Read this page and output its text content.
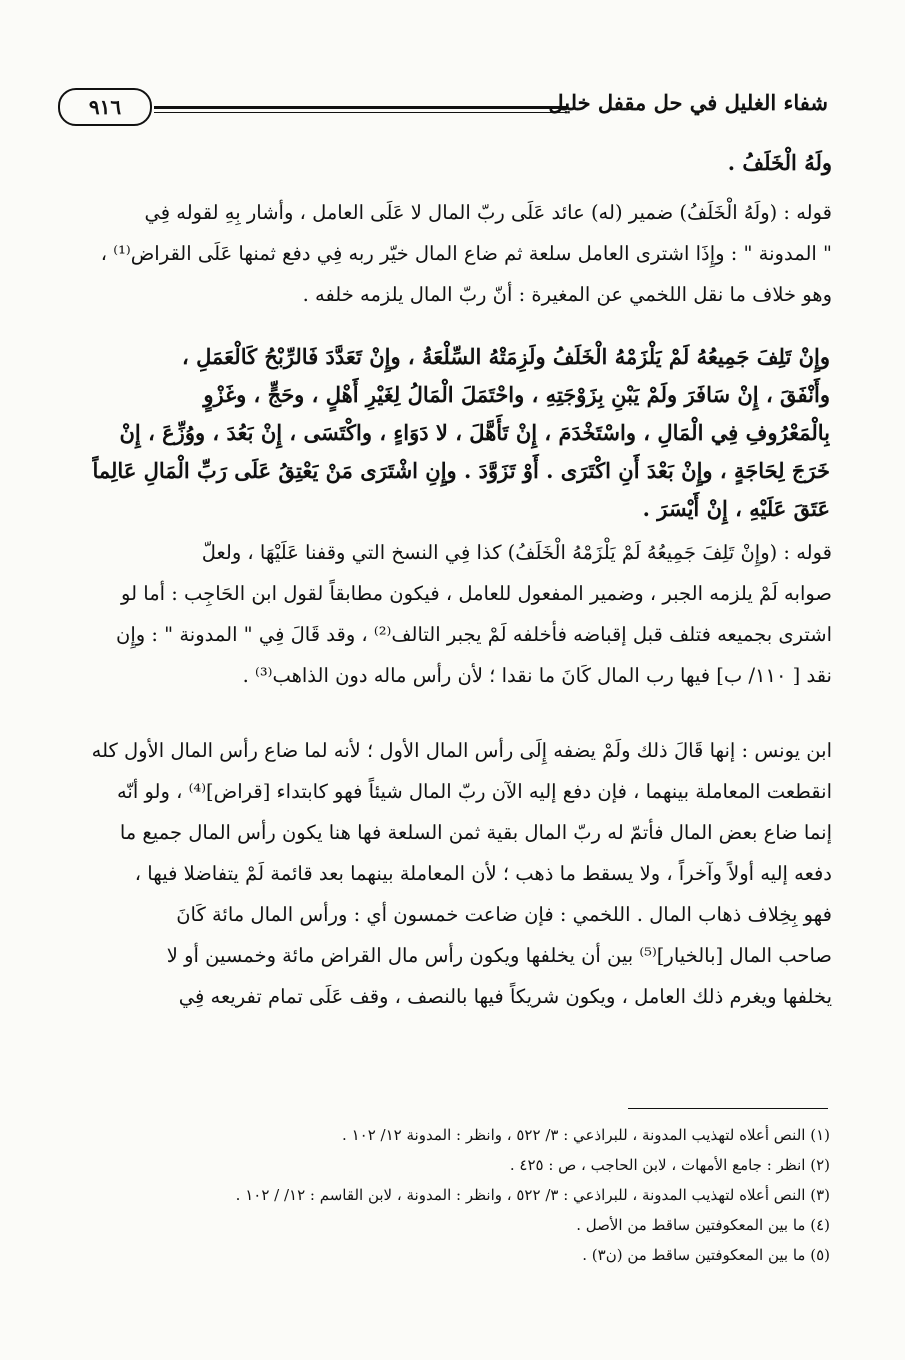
٩١٦	شفاء الغليل في حل مقفل خليل
ولَهُ الْخَلَفُ .
قوله : (ولَهُ الْخَلَفُ) ضمير (له) عائد عَلَى ربّ المال لا عَلَى العامل ، وأشار بِهِ لقوله فِي
" المدونة " : وإِذَا اشترى العامل سلعة ثم ضاع المال خيّر ربه فِي دفع ثمنها عَلَى القراض⁽¹⁾ ،
وهو خلاف ما نقل اللخمي عن المغيرة : أنّ ربّ المال يلزمه خلفه .
وإِنْ تَلِفَ جَمِيعُهُ لَمْ يَلْزَمْهُ الْخَلَفُ ولَزِمَتْهُ السِّلْعَةُ ، وإِنْ تَعَدَّدَ فَالرِّبْحُ كَالْعَمَلِ ،
وأَنْفَقَ ، إِنْ سَافَرَ ولَمْ يَبْنِ بِزَوْجَتِهِ ، واحْتَمَلَ الْمَالُ لِغَيْرِ أَهْلٍ ، وحَجٍّ ، وغَزْوٍ
بِالْمَعْرُوفِ فِي الْمَالِ ، واسْتَخْدَمَ ، إِنْ تَأَهَّلَ ، لا دَوَاءٍ ، واكْتَسَى ، إِنْ بَعُدَ ، ووُزِّعَ ، إِنْ
خَرَجَ لِحَاجَةٍ ، وإِنْ بَعْدَ أَنِ اكْتَرَى . أَوْ تَزَوَّدَ . وإِنِ اشْتَرَى مَنْ يَعْتِقُ عَلَى رَبِّ الْمَالِ عَالِماً
عَتَقَ عَلَيْهِ ، إِنْ أَيْسَرَ .
قوله : (وإِنْ تَلِفَ جَمِيعُهُ لَمْ يَلْزَمْهُ الْخَلَفُ) كذا فِي النسخ التي وقفنا عَلَيْهَا ، ولعلّ
صوابه لَمْ يلزمه الجبر ، وضمير المفعول للعامل ، فيكون مطابقاً لقول ابن الحَاجِب : أما لو
اشترى بجميعه فتلف قبل إقباضه فأخلفه لَمْ يجبر التالف⁽²⁾ ، وقد قَالَ فِي " المدونة " : وإِن
نقد [ ١١٠/ ب] فيها رب المال كَانَ ما نقدا ؛ لأن رأس ماله دون الذاهب⁽³⁾ .
ابن يونس : إنها قَالَ ذلك ولَمْ يضفه إِلَى رأس المال الأول ؛ لأنه لما ضاع رأس المال الأول كله
انقطعت المعاملة بينهما ، فإن دفع إليه الآن ربّ المال شيئاً فهو كابتداء [قراض]⁽⁴⁾ ، ولو أنّه
إنما ضاع بعض المال فأتمّ له ربّ المال بقية ثمن السلعة فها هنا يكون رأس المال جميع ما
دفعه إليه أولاً وآخراً ، ولا يسقط ما ذهب ؛ لأن المعاملة بينهما بعد قائمة لَمْ يتفاضلا فيها ،
فهو بِخِلاف ذهاب المال . اللخمي : فإن ضاعت خمسون أي : ورأس المال مائة كَانَ
صاحب المال [بالخيار]⁽⁵⁾ بين أن يخلفها ويكون رأس مال القراض مائة وخمسين أو لا
يخلفها ويغرم ذلك العامل ، ويكون شريكاً فيها بالنصف ، وقف عَلَى تمام تفريعه فِي
(١) النص أعلاه لتهذيب المدونة ، للبراذعي : ٣/ ٥٢٢ ، وانظر : المدونة ١٢/ ١٠٢ .
(٢) انظر : جامع الأمهات ، لابن الحاجب ، ص : ٤٢٥ .
(٣) النص أعلاه لتهذيب المدونة ، للبراذعي : ٣/ ٥٢٢ ، وانظر : المدونة ، لابن القاسم : ١٢/ / ١٠٢ .
(٤) ما بين المعكوفتين ساقط من الأصل .
(٥) ما بين المعكوفتين ساقط من (ن٣) .
